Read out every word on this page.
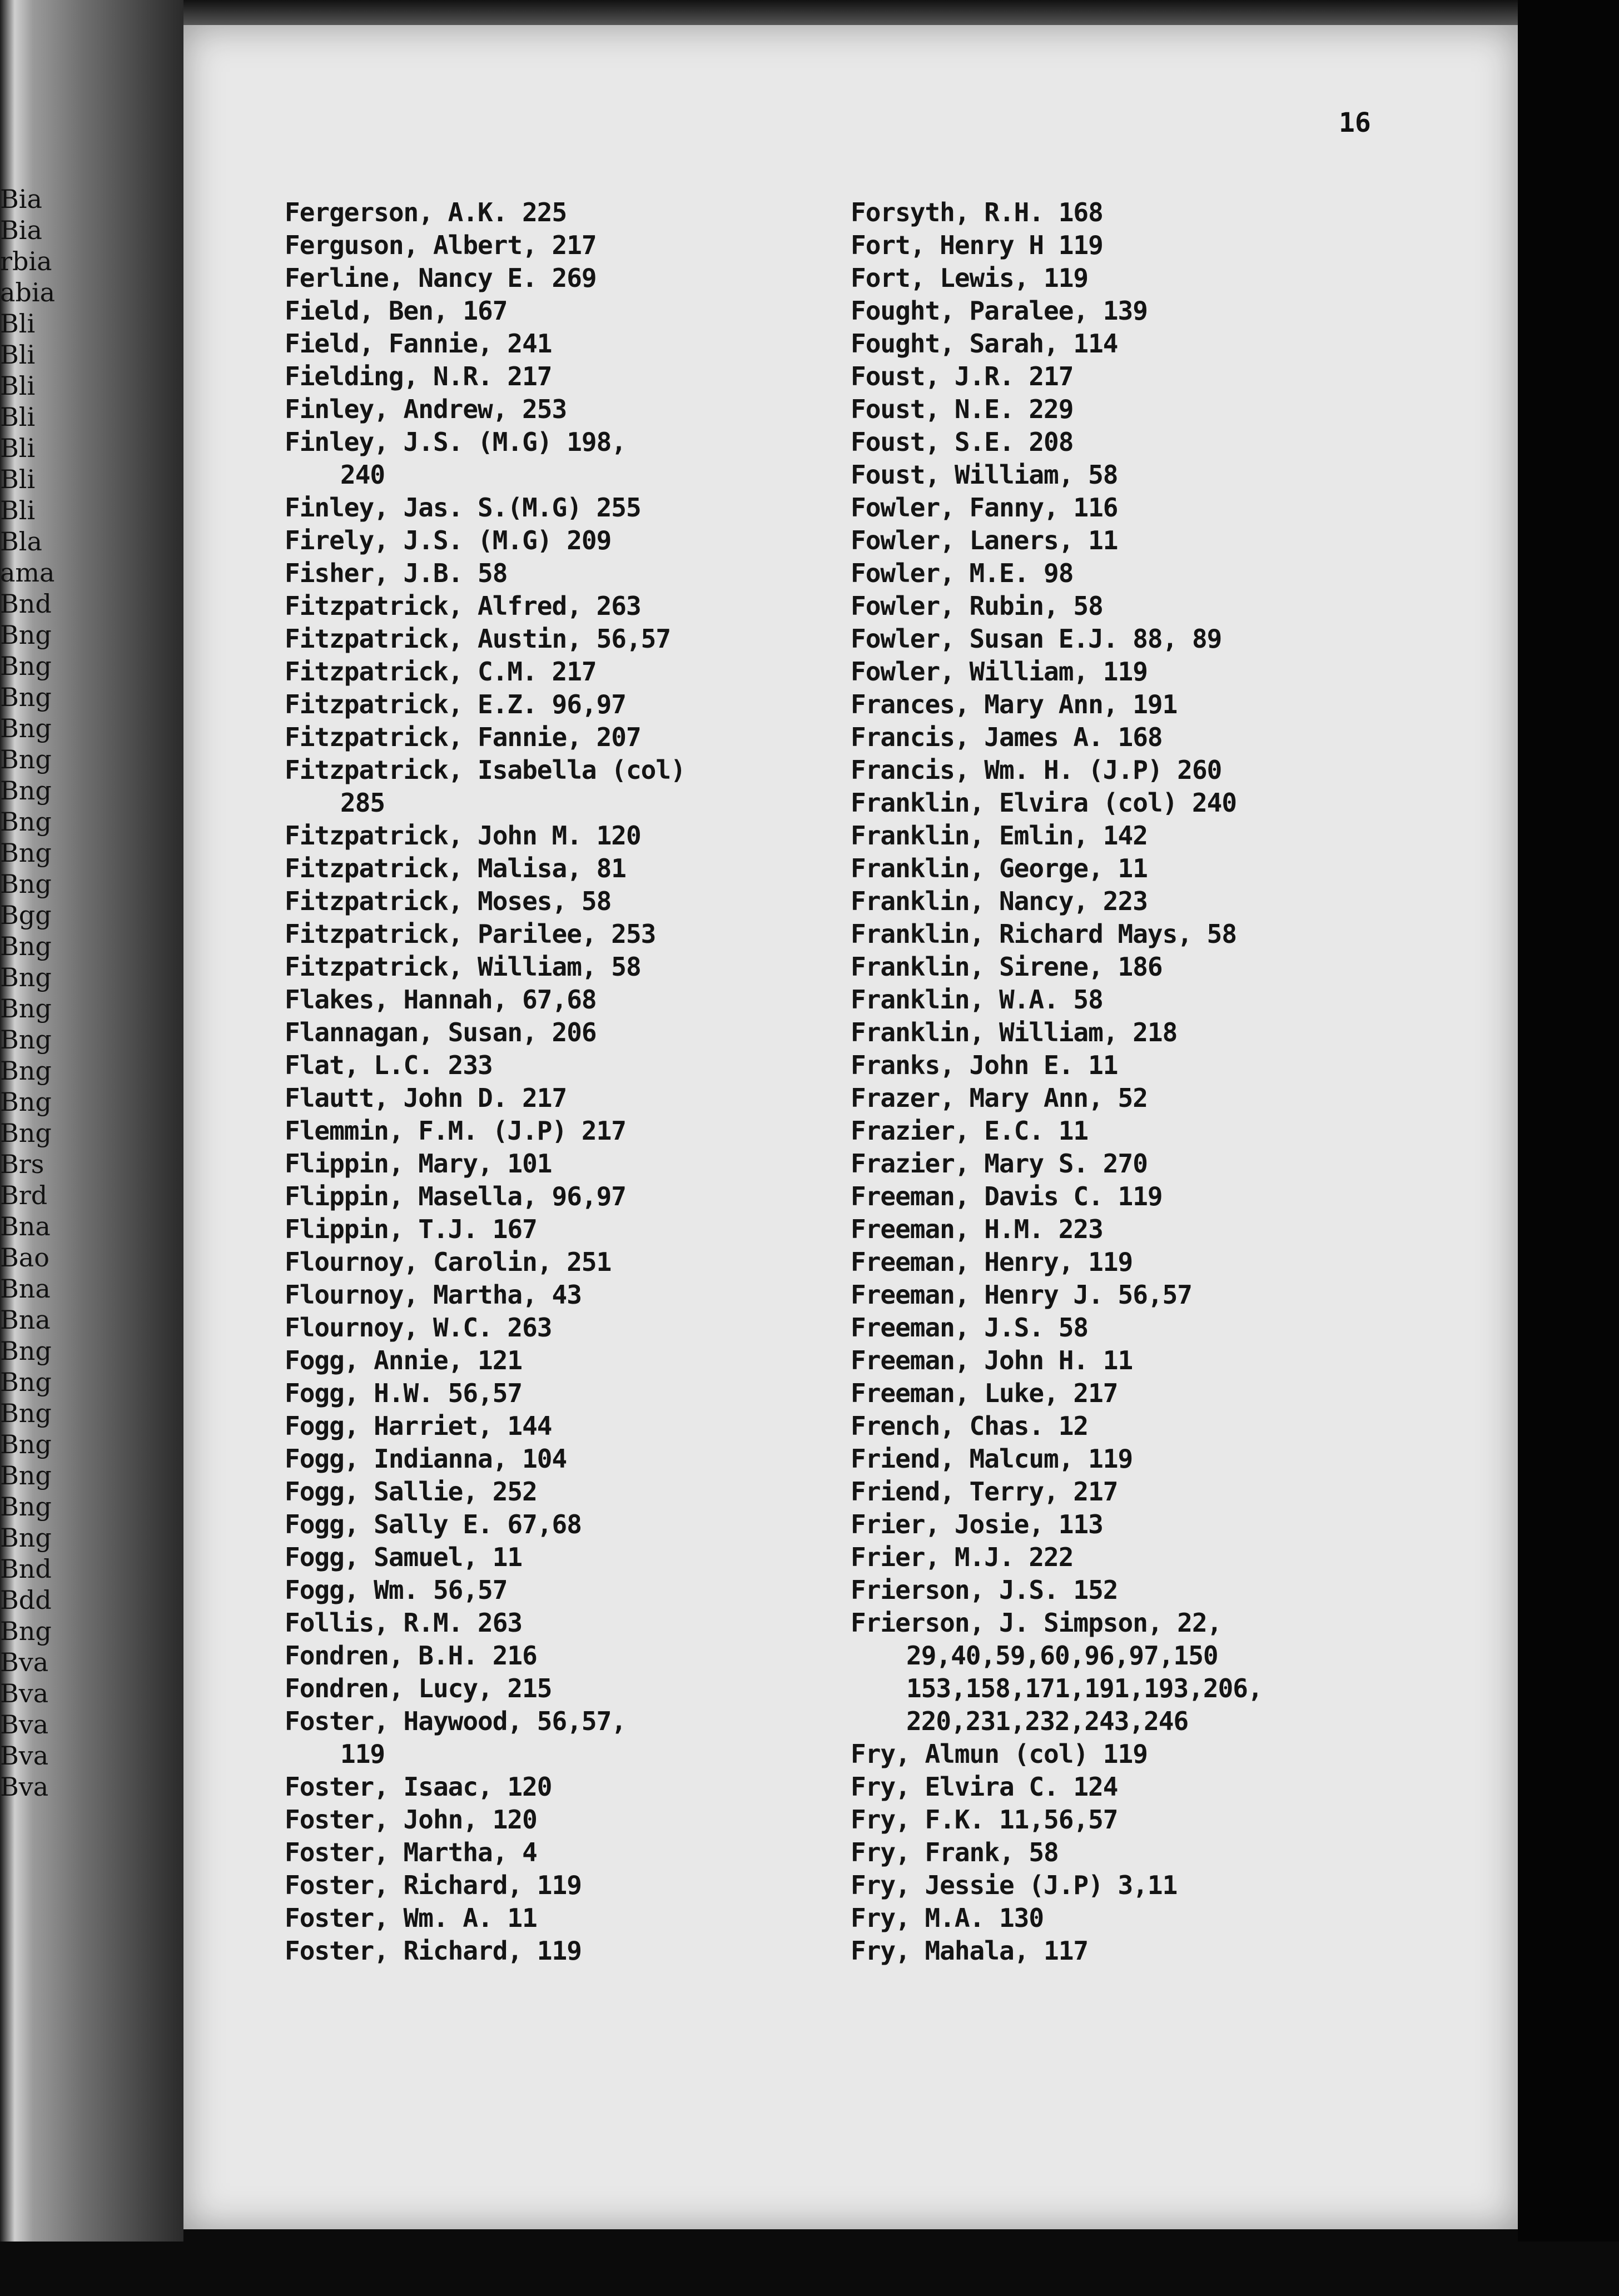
Bia
Bia
rbia
abia
Bli
Bli
Bli
Bli
Bli
Bli
Bli
Bla
ama
Bnd
Bng
Bng
Bng
Bng
Bng
Bng
Bng
Bng
Bng
Bgg
Bng
Bng
Bng
Bng
Bng
Bng
Bng
Brs
Brd
Bna
Bao
Bna
Bna
Bng
Bng
Bng
Bng
Bng
Bng
Bng
Bnd
Bdd
Bng
Bva
Bva
Bva
Bva
Bva
16
Fergerson, A.K. 225
Ferguson, Albert, 217
Ferline, Nancy E. 269
Field, Ben, 167
Field, Fannie, 241
Fielding, N.R. 217
Finley, Andrew, 253
Finley, J.S. (M.G) 198,
240
Finley, Jas. S.(M.G) 255
Firely, J.S. (M.G) 209
Fisher, J.B. 58
Fitzpatrick, Alfred, 263
Fitzpatrick, Austin, 56,57
Fitzpatrick, C.M. 217
Fitzpatrick, E.Z. 96,97
Fitzpatrick, Fannie, 207
Fitzpatrick, Isabella (col)
285
Fitzpatrick, John M. 120
Fitzpatrick, Malisa, 81
Fitzpatrick, Moses, 58
Fitzpatrick, Parilee, 253
Fitzpatrick, William, 58
Flakes, Hannah, 67,68
Flannagan, Susan, 206
Flat, L.C. 233
Flautt, John D. 217
Flemmin, F.M. (J.P) 217
Flippin, Mary, 101
Flippin, Masella, 96,97
Flippin, T.J. 167
Flournoy, Carolin, 251
Flournoy, Martha, 43
Flournoy, W.C. 263
Fogg, Annie, 121
Fogg, H.W. 56,57
Fogg, Harriet, 144
Fogg, Indianna, 104
Fogg, Sallie, 252
Fogg, Sally E. 67,68
Fogg, Samuel, 11
Fogg, Wm. 56,57
Follis, R.M. 263
Fondren, B.H. 216
Fondren, Lucy, 215
Foster, Haywood, 56,57,
119
Foster, Isaac, 120
Foster, John, 120
Foster, Martha, 4
Foster, Richard, 119
Foster, Wm. A. 11
Foster, Richard, 119
Forsyth, R.H. 168
Fort, Henry H 119
Fort, Lewis, 119
Fought, Paralee, 139
Fought, Sarah, 114
Foust, J.R. 217
Foust, N.E. 229
Foust, S.E. 208
Foust, William, 58
Fowler, Fanny, 116
Fowler, Laners, 11
Fowler, M.E. 98
Fowler, Rubin, 58
Fowler, Susan E.J. 88, 89
Fowler, William, 119
Frances, Mary Ann, 191
Francis, James A. 168
Francis, Wm. H. (J.P) 260
Franklin, Elvira (col) 240
Franklin, Emlin, 142
Franklin, George, 11
Franklin, Nancy, 223
Franklin, Richard Mays, 58
Franklin, Sirene, 186
Franklin, W.A. 58
Franklin, William, 218
Franks, John E. 11
Frazer, Mary Ann, 52
Frazier, E.C. 11
Frazier, Mary S. 270
Freeman, Davis C. 119
Freeman, H.M. 223
Freeman, Henry, 119
Freeman, Henry J. 56,57
Freeman, J.S. 58
Freeman, John H. 11
Freeman, Luke, 217
French, Chas. 12
Friend, Malcum, 119
Friend, Terry, 217
Frier, Josie, 113
Frier, M.J. 222
Frierson, J.S. 152
Frierson, J. Simpson, 22,
29,40,59,60,96,97,150
153,158,171,191,193,206,
220,231,232,243,246
Fry, Almun (col) 119
Fry, Elvira C. 124
Fry, F.K. 11,56,57
Fry, Frank, 58
Fry, Jessie (J.P) 3,11
Fry, M.A. 130
Fry, Mahala, 117
